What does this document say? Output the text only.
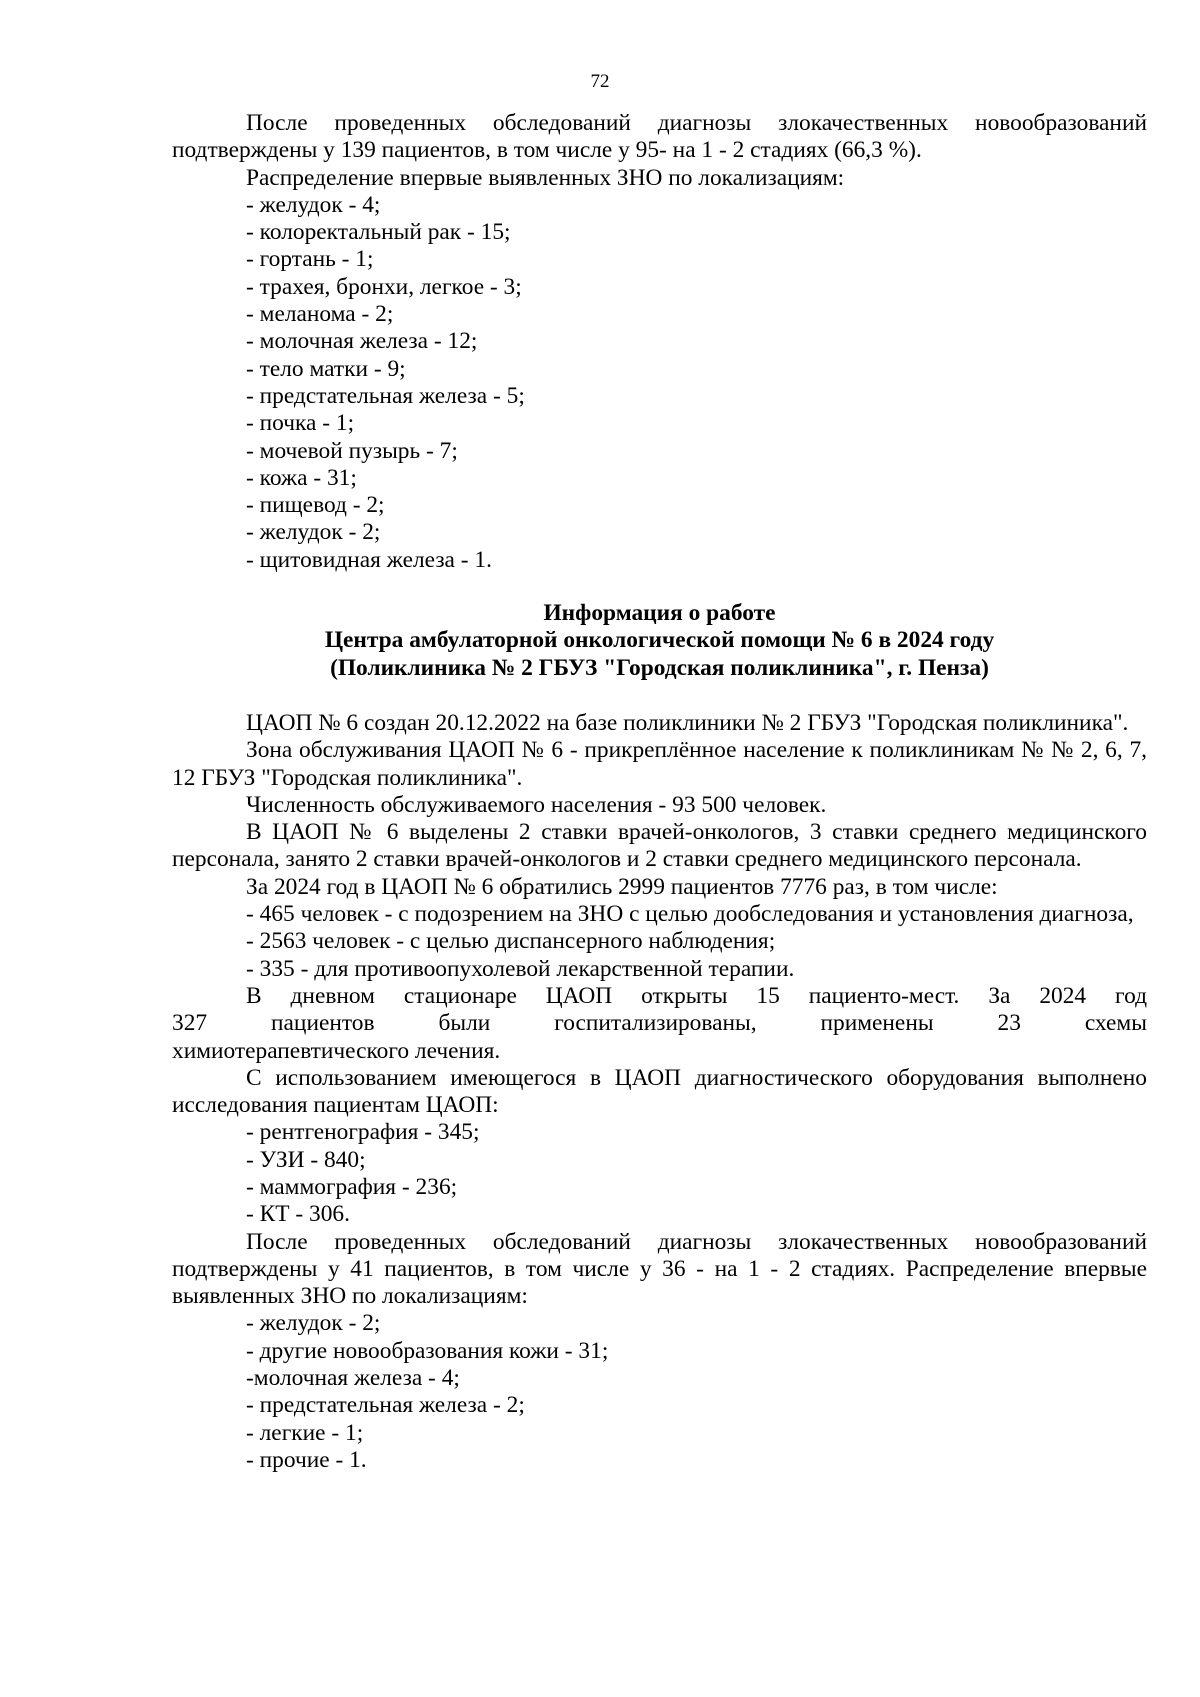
72

После проведенных обследований диагнозы злокачественных новообразований подтверждены у 139 пациентов, в том числе у 95- на 1 - 2 стадиях (66,3 %).

Распределение впервые выявленных ЗНО по локализациям:

- желудок - 4;

- колоректальный рак - 15;

- гортань - 1;

- трахея, бронхи, легкое - 3;

- меланома - 2;

- молочная железа - 12;

- тело матки - 9;

- предстательная железа - 5;

- почка - 1;

- мочевой пузырь - 7;

- кожа - 31;

- пищевод - 2;

- желудок - 2;

- щитовидная железа - 1.

Информация о работе

Центра амбулаторной онкологической помощи № 6 в 2024 году

(Поликлиника № 2 ГБУЗ "Городская поликлиника", г. Пенза)

ЦАОП № 6 создан 20.12.2022 на базе поликлиники № 2 ГБУЗ "Городская поликлиника".

Зона обслуживания ЦАОП № 6 - прикреплённое население к поликлиникам № № 2, 6, 7, 12 ГБУЗ "Городская поликлиника".

Численность обслуживаемого населения - 93 500 человек.

В ЦАОП № 6 выделены 2 ставки врачей-онкологов, 3 ставки среднего медицинского персонала, занято 2 ставки врачей-онкологов и 2 ставки среднего медицинского персонала.

За 2024 год в ЦАОП № 6 обратились 2999 пациентов 7776 раз, в том числе:

- 465 человек - с подозрением на ЗНО с целью дообследования и установления диагноза,

- 2563 человек - с целью диспансерного наблюдения;

- 335 - для противоопухолевой лекарственной терапии.

В дневном стационаре ЦАОП открыты 15 пациенто-мест. За 2024 год

327	пациентов	были	госпитализированы,	применены	23	схемы

химиотерапевтического лечения.

С использованием имеющегося в ЦАОП диагностического оборудования выполнено исследования пациентам ЦАОП:

- рентгенография - 345;

- УЗИ - 840;

- маммография - 236;

- КТ - 306.

После проведенных обследований диагнозы злокачественных новообразований подтверждены у 41 пациентов, в том числе у 36 - на 1 - 2 стадиях. Распределение впервые выявленных ЗНО по локализациям:

- желудок - 2;

- другие новообразования кожи - 31;

-молочная железа - 4;

- предстательная железа - 2;

- легкие - 1;

- прочие - 1.
